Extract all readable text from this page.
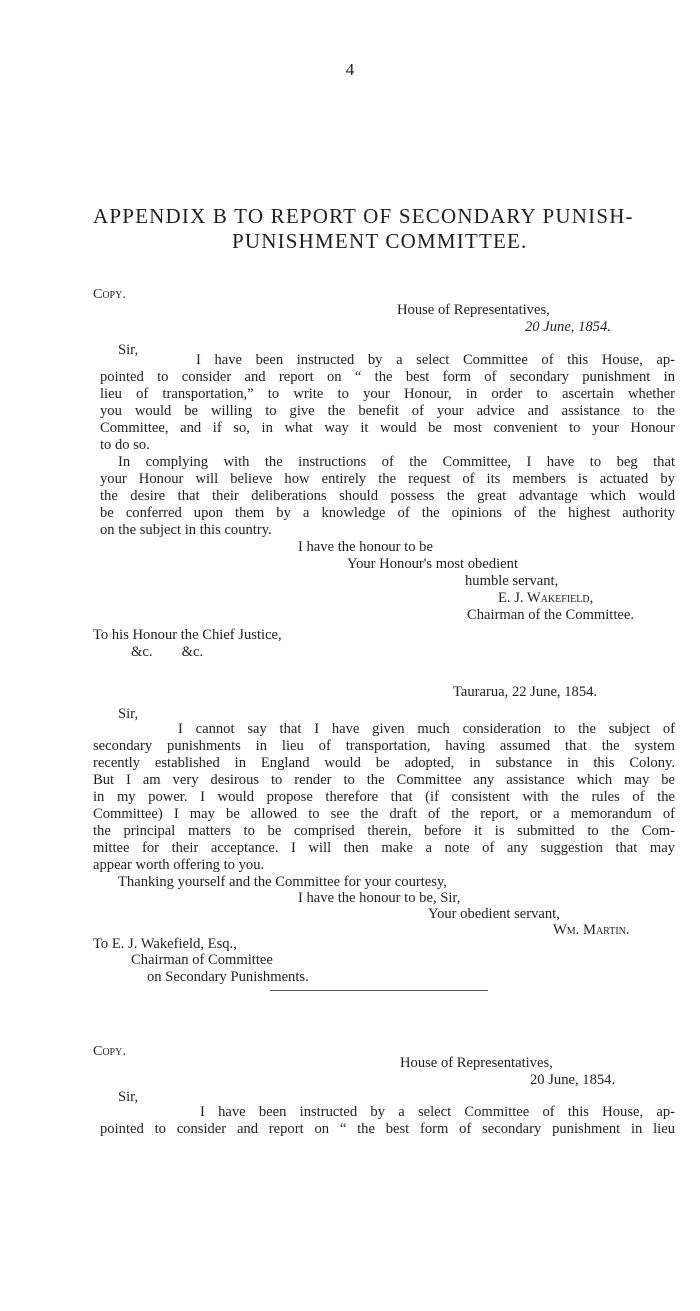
4
APPENDIX B TO REPORT OF SECONDARY PUNISH-
PUNISHMENT COMMITTEE.
Copy.
House of Representatives,
20 June, 1854.
Sir,
I have been instructed by a select Committee of this House, ap-
pointed to consider and report on “ the best form of secondary punishment in
lieu of transportation,” to write to your Honour, in order to ascertain whether
you would be willing to give the benefit of your advice and assistance to the
Committee, and if so, in what way it would be most convenient to your Honour
to do so.
In complying with the instructions of the Committee, I have to beg that
your Honour will believe how entirely the request of its members is actuated by
the desire that their deliberations should possess the great advantage which would
be conferred upon them by a knowledge of the opinions of the highest authority
on the subject in this country.
I have the honour to be
Your Honour's most obedient
humble servant,
E. J. Wakefield,
Chairman of the Committee.
To his Honour the Chief Justice,
&c.        &c.
Taurarua, 22 June, 1854.
Sir,
I cannot say that I have given much consideration to the subject of
secondary punishments in lieu of transportation, having assumed that the system
recently established in England would be adopted, in substance in this Colony.
But I am very desirous to render to the Committee any assistance which may be
in my power. I would propose therefore that (if consistent with the rules of the
Committee) I may be allowed to see the draft of the report, or a memorandum of
the principal matters to be comprised therein, before it is submitted to the Com-
mittee for their acceptance. I will then make a note of any suggestion that may
appear worth offering to you.
Thanking yourself and the Committee for your courtesy,
I have the honour to be, Sir,
Your obedient servant,
Wm. Martin.
To E. J. Wakefield, Esq.,
Chairman of Committee
on Secondary Punishments.
Copy.
House of Representatives,
20 June, 1854.
Sir,
I have been instructed by a select Committee of this House, ap-
pointed to consider and report on “ the best form of secondary punishment in lieu
